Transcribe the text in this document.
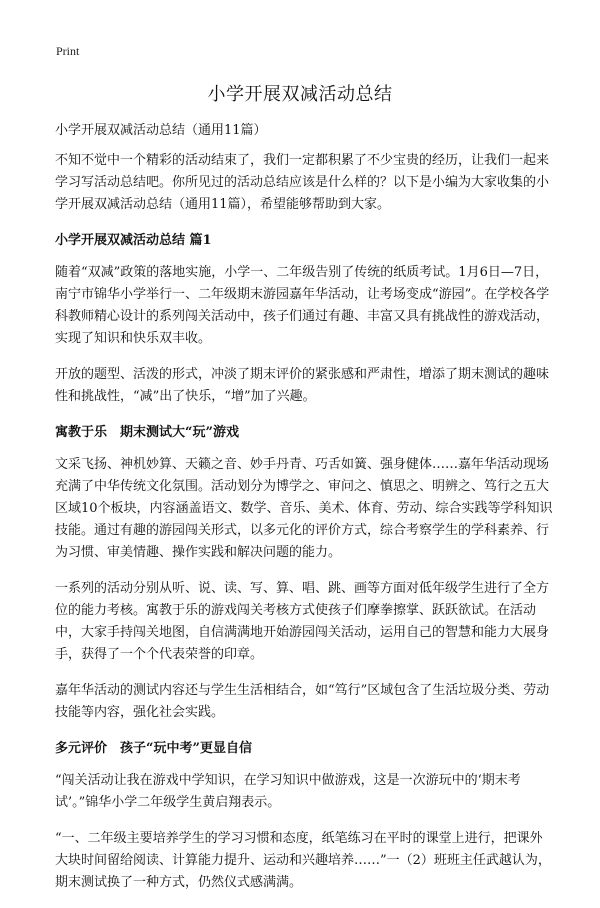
Print
小学开展双减活动总结

小学开展双减活动总结（通用11篇）

不知不觉中一个精彩的活动结束了，我们一定都积累了不少宝贵的经历，让我们一起来学习写活动总结吧。你所见过的活动总结应该是什么样的？以下是小编为大家收集的小学开展双减活动总结（通用11篇），希望能够帮助到大家。

小学开展双减活动总结 篇1

随着“双减”政策的落地实施，小学一、二年级告别了传统的纸质考试。1月6日—7日，南宁市锦华小学举行一、二年级期末游园嘉年华活动，让考场变成“游园”。在学校各学科教师精心设计的系列闯关活动中，孩子们通过有趣、丰富又具有挑战性的游戏活动，实现了知识和快乐双丰收。

开放的题型、活泼的形式，冲淡了期末评价的紧张感和严肃性，增添了期末测试的趣味性和挑战性，“减”出了快乐，“增”加了兴趣。

寓教于乐　期末测试大“玩”游戏

文采飞扬、神机妙算、天籁之音、妙手丹青、巧舌如簧、强身健体……嘉年华活动现场充满了中华传统文化氛围。活动划分为博学之、审问之、慎思之、明辨之、笃行之五大区域10个板块，内容涵盖语文、数学、音乐、美术、体育、劳动、综合实践等学科知识技能。通过有趣的游园闯关形式，以多元化的评价方式，综合考察学生的学科素养、行为习惯、审美情趣、操作实践和解决问题的能力。

一系列的活动分别从听、说、读、写、算、唱、跳、画等方面对低年级学生进行了全方位的能力考核。寓教于乐的游戏闯关考核方式使孩子们摩拳擦掌、跃跃欲试。在活动中，大家手持闯关地图，自信满满地开始游园闯关活动，运用自己的智慧和能力大展身手，获得了一个个代表荣誉的印章。

嘉年华活动的测试内容还与学生生活相结合，如“笃行”区域包含了生活垃圾分类、劳动技能等内容，强化社会实践。

多元评价　孩子“玩中考”更显自信

“闯关活动让我在游戏中学知识，在学习知识中做游戏，这是一次游玩中的‘期末考试’。”锦华小学二年级学生黄启翔表示。

“一、二年级主要培养学生的学习习惯和态度，纸笔练习在平时的课堂上进行，把课外大块时间留给阅读、计算能力提升、运动和兴趣培养……”一（2）班班主任武越认为，期末测试换了一种方式，仍然仪式感满满。
